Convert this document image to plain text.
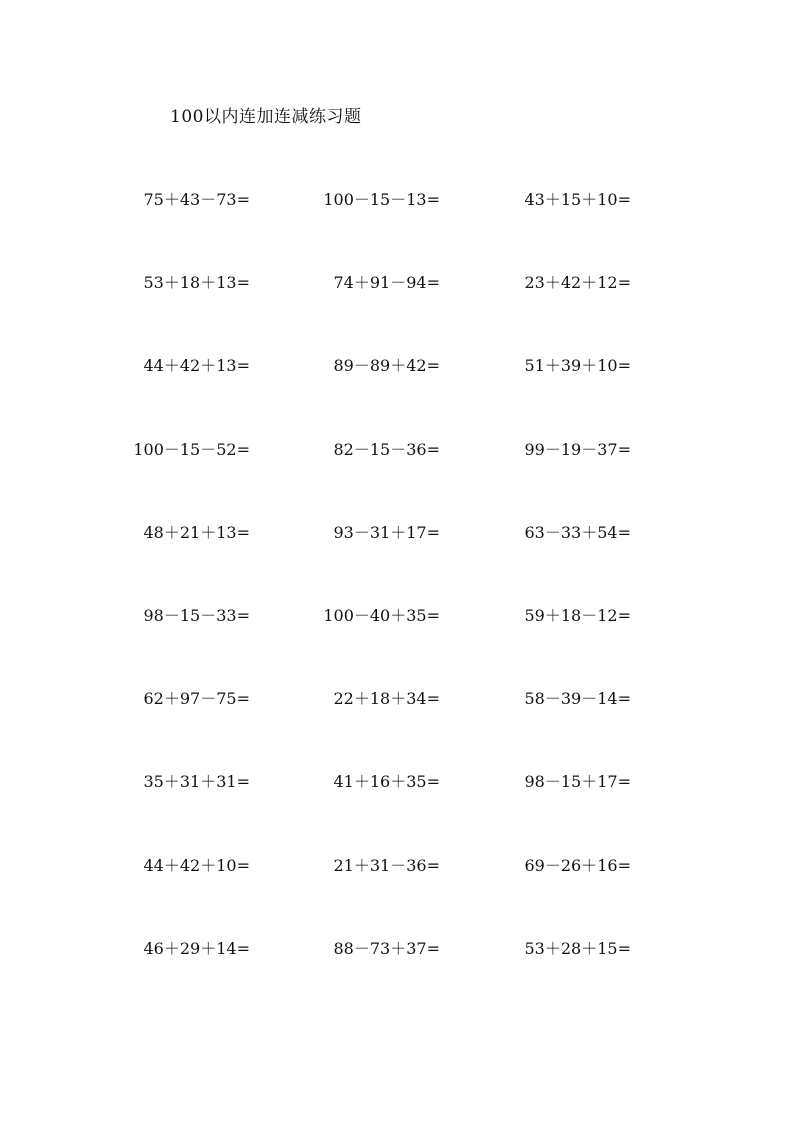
100以内连加连减练习题
75＋43－73=	100－15－13=	43＋15＋10=
53＋18＋13=	74＋91－94=	23＋42＋12=
44＋42＋13=	89－89＋42=	51＋39＋10=
100－15－52=	82－15－36=	99－19－37=
48＋21＋13=	93－31＋17=	63－33＋54=
98－15－33=	100－40＋35=	59＋18－12=
62＋97－75=	22＋18＋34=	58－39－14=
35＋31＋31=	41＋16＋35=	98－15＋17=
44＋42＋10=	21＋31－36=	69－26＋16=
46＋29＋14=	88－73＋37=	53＋28＋15=
